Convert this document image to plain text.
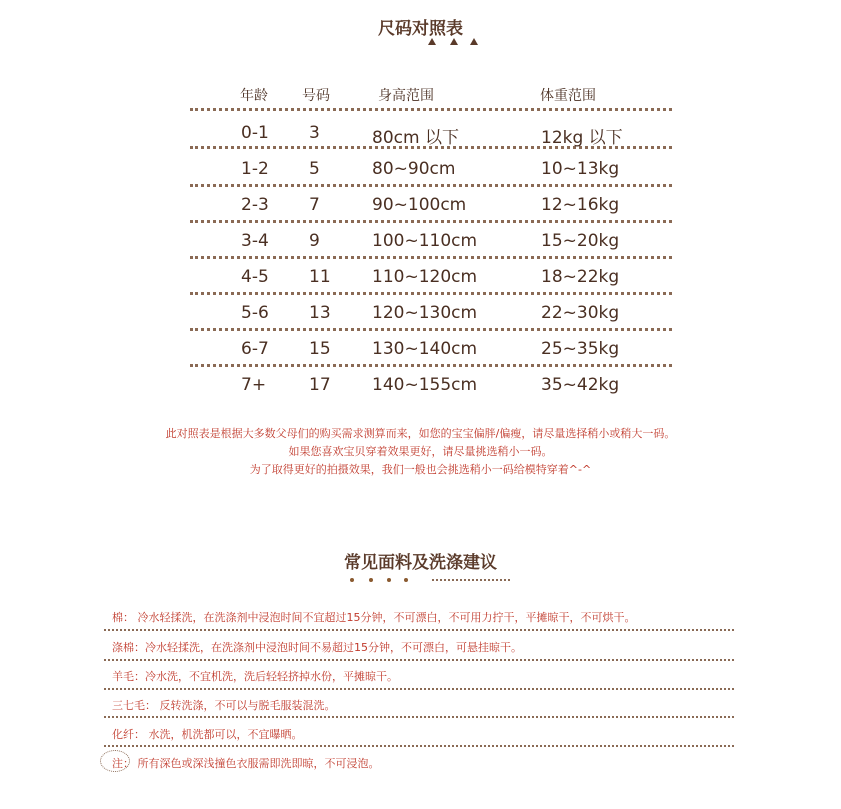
尺码对照表
年龄 号码	身高范围	体重范围
0-1 3	80cm 以下	12kg 以下
1-2 5	80~90cm	10~13kg
2-3 7	90~100cm	12~16kg
3-4 9	100~110cm	15~20kg
4-5 11 110~120cm	18~22kg
5-6 13 120~130cm	22~30kg
6-7 15 130~140cm	25~35kg
7+	17 140~155cm	35~42kg
此对照表是根据大多数父母们的购买需求测算而来，如您的宝宝偏胖/偏瘦，请尽量选择稍小或稍大一码。
如果您喜欢宝贝穿着效果更好，请尽量挑选稍小一码。
为了取得更好的拍摄效果，我们一般也会挑选稍小一码给模特穿着^-^
常见面料及洗涤建议
棉： 冷水轻揉洗，在洗涤剂中浸泡时间不宜超过15分钟，不可漂白，不可用力拧干，平摊晾干，不可烘干。
涤棉：冷水轻揉洗，在洗涤剂中浸泡时间不易超过15分钟，不可漂白，可悬挂晾干。
羊毛：冷水洗，不宜机洗，洗后轻轻挤掉水份，平摊晾干。
三七毛： 反转洗涤，不可以与脱毛服装混洗。
化纤： 水洗，机洗都可以，不宜曝晒。
注： 所有深色或深浅撞色衣服需即洗即晾，不可浸泡。
